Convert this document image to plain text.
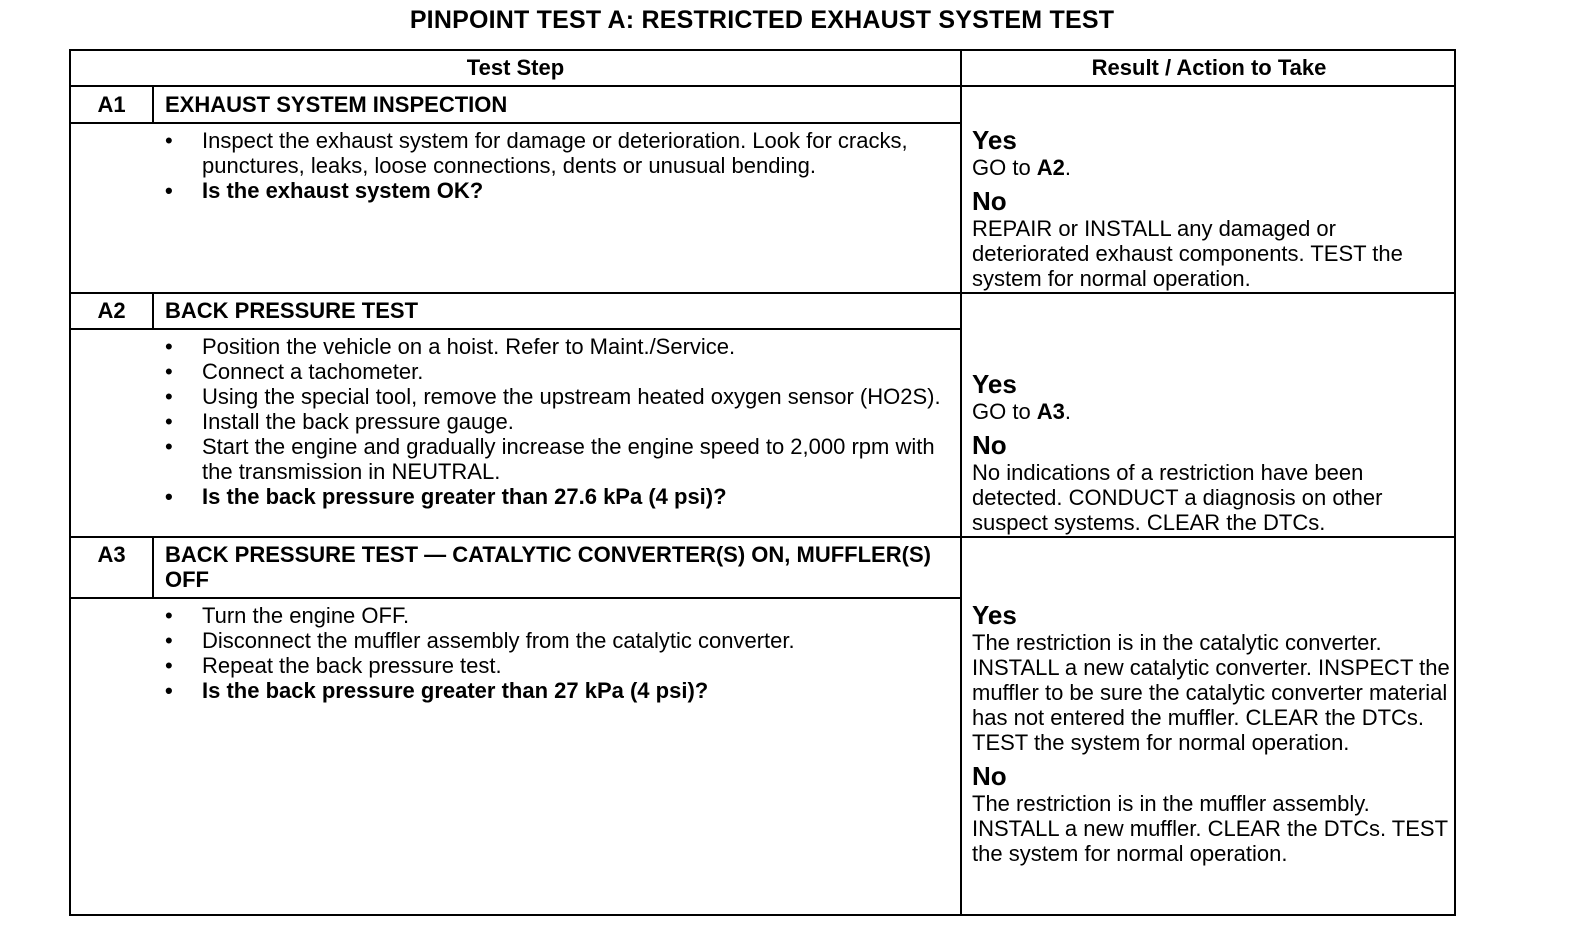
PINPOINT TEST A: RESTRICTED EXHAUST SYSTEM TEST
Test Step	Result / Action to Take
A1	EXHAUST SYSTEM INSPECTION
• Inspect the exhaust system for damage or deterioration. Look for cracks, punctures, leaks, loose connections, dents or unusual bending.
• Is the exhaust system OK?
Yes
GO to A2.
No
REPAIR or INSTALL any damaged or deteriorated exhaust components. TEST the system for normal operation.
A2	BACK PRESSURE TEST
• Position the vehicle on a hoist. Refer to Maint./Service.
• Connect a tachometer.
• Using the special tool, remove the upstream heated oxygen sensor (HO2S).
• Install the back pressure gauge.
• Start the engine and gradually increase the engine speed to 2,000 rpm with the transmission in NEUTRAL.
• Is the back pressure greater than 27.6 kPa (4 psi)?
Yes
GO to A3.
No
No indications of a restriction have been detected. CONDUCT a diagnosis on other suspect systems. CLEAR the DTCs.
A3	BACK PRESSURE TEST — CATALYTIC CONVERTER(S) ON, MUFFLER(S) OFF
• Turn the engine OFF.
• Disconnect the muffler assembly from the catalytic converter.
• Repeat the back pressure test.
• Is the back pressure greater than 27 kPa (4 psi)?
Yes
The restriction is in the catalytic converter. INSTALL a new catalytic converter. INSPECT the muffler to be sure the catalytic converter material has not entered the muffler. CLEAR the DTCs. TEST the system for normal operation.
No
The restriction is in the muffler assembly. INSTALL a new muffler. CLEAR the DTCs. TEST the system for normal operation.
